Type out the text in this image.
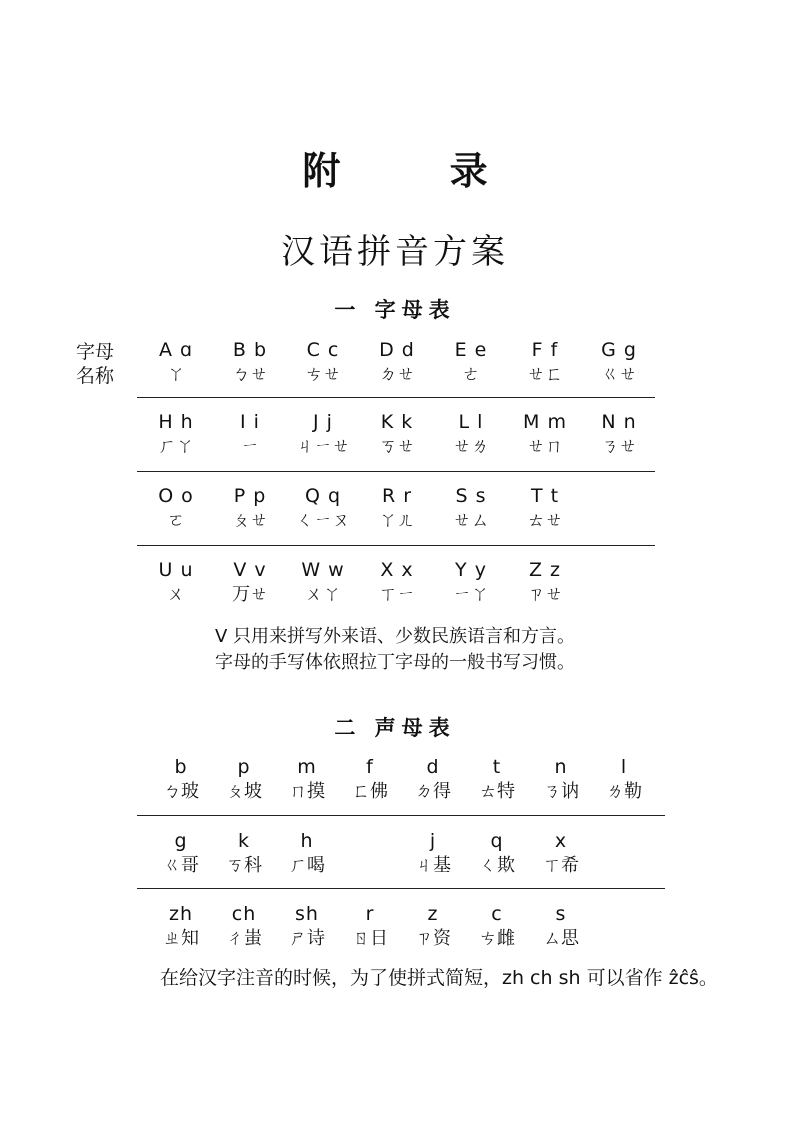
附 录
汉语拼音方案
一 字母表
字母
名称
A ɑ
ㄚ
B b
ㄅㄝ
C c
ㄘㄝ
D d
ㄉㄝ
E e
ㄜ
F f
ㄝㄈ
G g
ㄍㄝ
H h
ㄏㄚ
I i
ㄧ
J j
ㄐㄧㄝ
K k
ㄎㄝ
L l
ㄝㄌ
M m
ㄝㄇ
N n
ㄋㄝ
O o
ㄛ
P p
ㄆㄝ
Q q
ㄑㄧㄡ
R r
ㄚㄦ
S s
ㄝㄙ
T t
ㄊㄝ
U u
ㄨ
V v
ㄪㄝ
W w
ㄨㄚ
X x
ㄒㄧ
Y y
ㄧㄚ
Z z
ㄗㄝ
V 只用来拼写外来语、少数民族语言和方言。
字母的手写体依照拉丁字母的一般书写习惯。
二 声母表
b
ㄅ玻
p
ㄆ坡
m
ㄇ摸
f
ㄈ佛
d
ㄉ得
t
ㄊ特
n
ㄋ讷
l
ㄌ勒
g
ㄍ哥
k
ㄎ科
h
ㄏ喝
j
ㄐ基
q
ㄑ欺
x
ㄒ希
zh
ㄓ知
ch
ㄔ蚩
sh
ㄕ诗
r
ㄖ日
z
ㄗ资
c
ㄘ雌
s
ㄙ思
在给汉字注音的时候，为了使拼式简短，zh ch sh 可以省作 ẑĉŝ。
